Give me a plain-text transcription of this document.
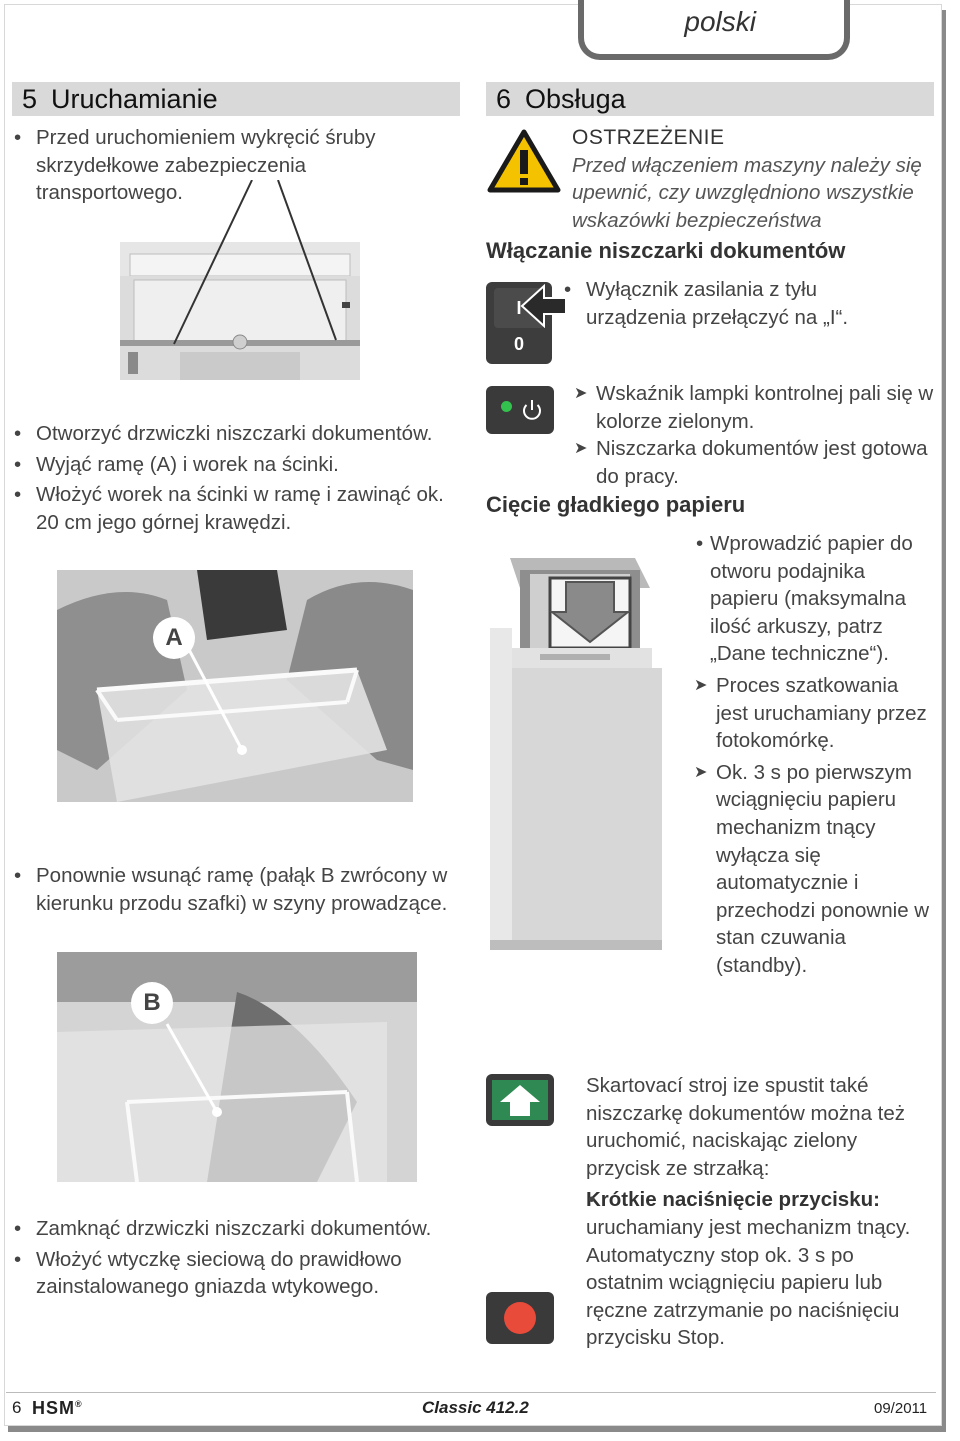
polski
5 Uruchamianie
• Przed uruchomieniem wykręcić śruby skrzydełkowe zabezpieczenia transportowego.
• Otworzyć drzwiczki niszczarki dokumentów.
• Wyjąć ramę (A) i worek na ścinki.
• Włożyć worek na ścinki w ramę i zawinąć ok. 20 cm jego górnej krawędzi.
A
• Ponownie wsunąć ramę (pałąk B zwrócony w kierunku przodu szafki) w szyny prowadzące.
B
• Zamknąć drzwiczki niszczarki dokumentów.
• Włożyć wtyczkę sieciową do prawidłowo zainstalowanego gniazda wtykowego.
6 Obsługa
OSTRZEŻENIE
Przed włączeniem maszyny należy się upewnić, czy uwzględniono wszystkie wskazówki bezpieczeństwa
Włączanie niszczarki dokumentów
I
0
• Wyłącznik zasilania z tyłu urządzenia przełączyć na „I“.
➤ Wskaźnik lampki kontrolnej pali się w kolorze zielonym.
➤ Niszczarka dokumentów jest gotowa do pracy.
Cięcie gładkiego papieru
• Wprowadzić papier do otworu podajnika papieru (maksymalna ilość arkuszy, patrz „Dane techniczne“).
➤ Proces szatkowania jest uruchamiany przez fotokomórkę.
➤ Ok. 3 s po pierwszym wciągnięciu papieru mechanizm tnący wyłącza się automatycznie i przechodzi ponownie w stan czuwania (standby).
Skartovací stroj ize spustit také niszczarkę dokumentów można też uruchomić, naciskając zielony przycisk ze strzałką:
• Krótkie naciśnięcie przycisku: uruchamiany jest mechanizm tnący. Automatyczny stop ok. 3 s po ostatnim wciągnięciu papieru lub ręczne zatrzymanie po naciśnięciu przycisku Stop.
6 HSM®	Classic 412.2	09/2011
